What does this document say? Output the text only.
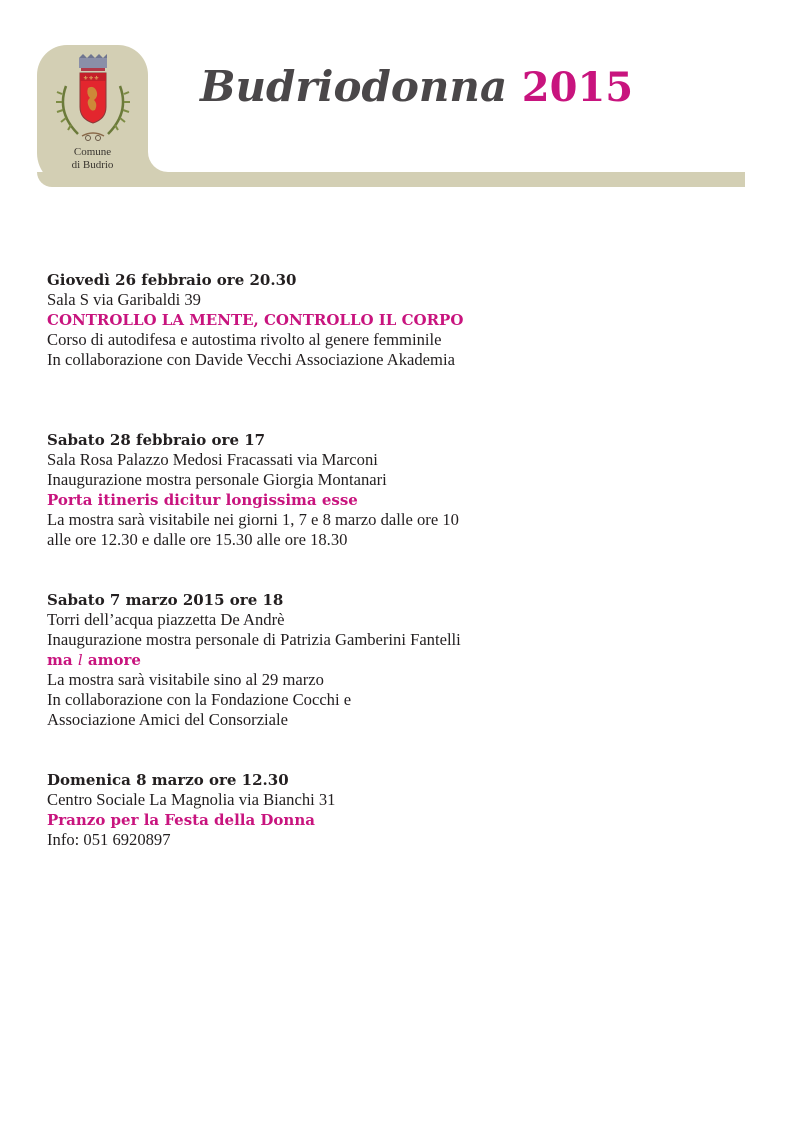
⚜⚜⚜
Comune
di Budrio
Budriodonna 2015
Giovedì 26 febbraio ore 20.30
Sala S via Garibaldi 39
CONTROLLO LA MENTE, CONTROLLO IL CORPO
Corso di autodifesa e autostima rivolto al genere femminile
In collaborazione con Davide Vecchi Associazione Akademia
Sabato 28 febbraio ore 17
Sala Rosa Palazzo Medosi Fracassati via Marconi
Inaugurazione mostra personale Giorgia Montanari
Porta itineris dicitur longissima esse
La mostra sarà visitabile nei giorni 1, 7 e 8 marzo dalle ore 10
alle ore 12.30 e dalle ore 15.30 alle ore 18.30
Sabato 7 marzo 2015 ore 18
Torri dell’acqua piazzetta De Andrè
Inaugurazione mostra personale di Patrizia Gamberini Fantelli
ma l amore
La mostra sarà visitabile sino al 29 marzo
In collaborazione con la Fondazione Cocchi e
Associazione Amici del Consorziale
Domenica 8 marzo ore 12.30
Centro Sociale La Magnolia via Bianchi 31
Pranzo per la Festa della Donna
Info: 051 6920897
